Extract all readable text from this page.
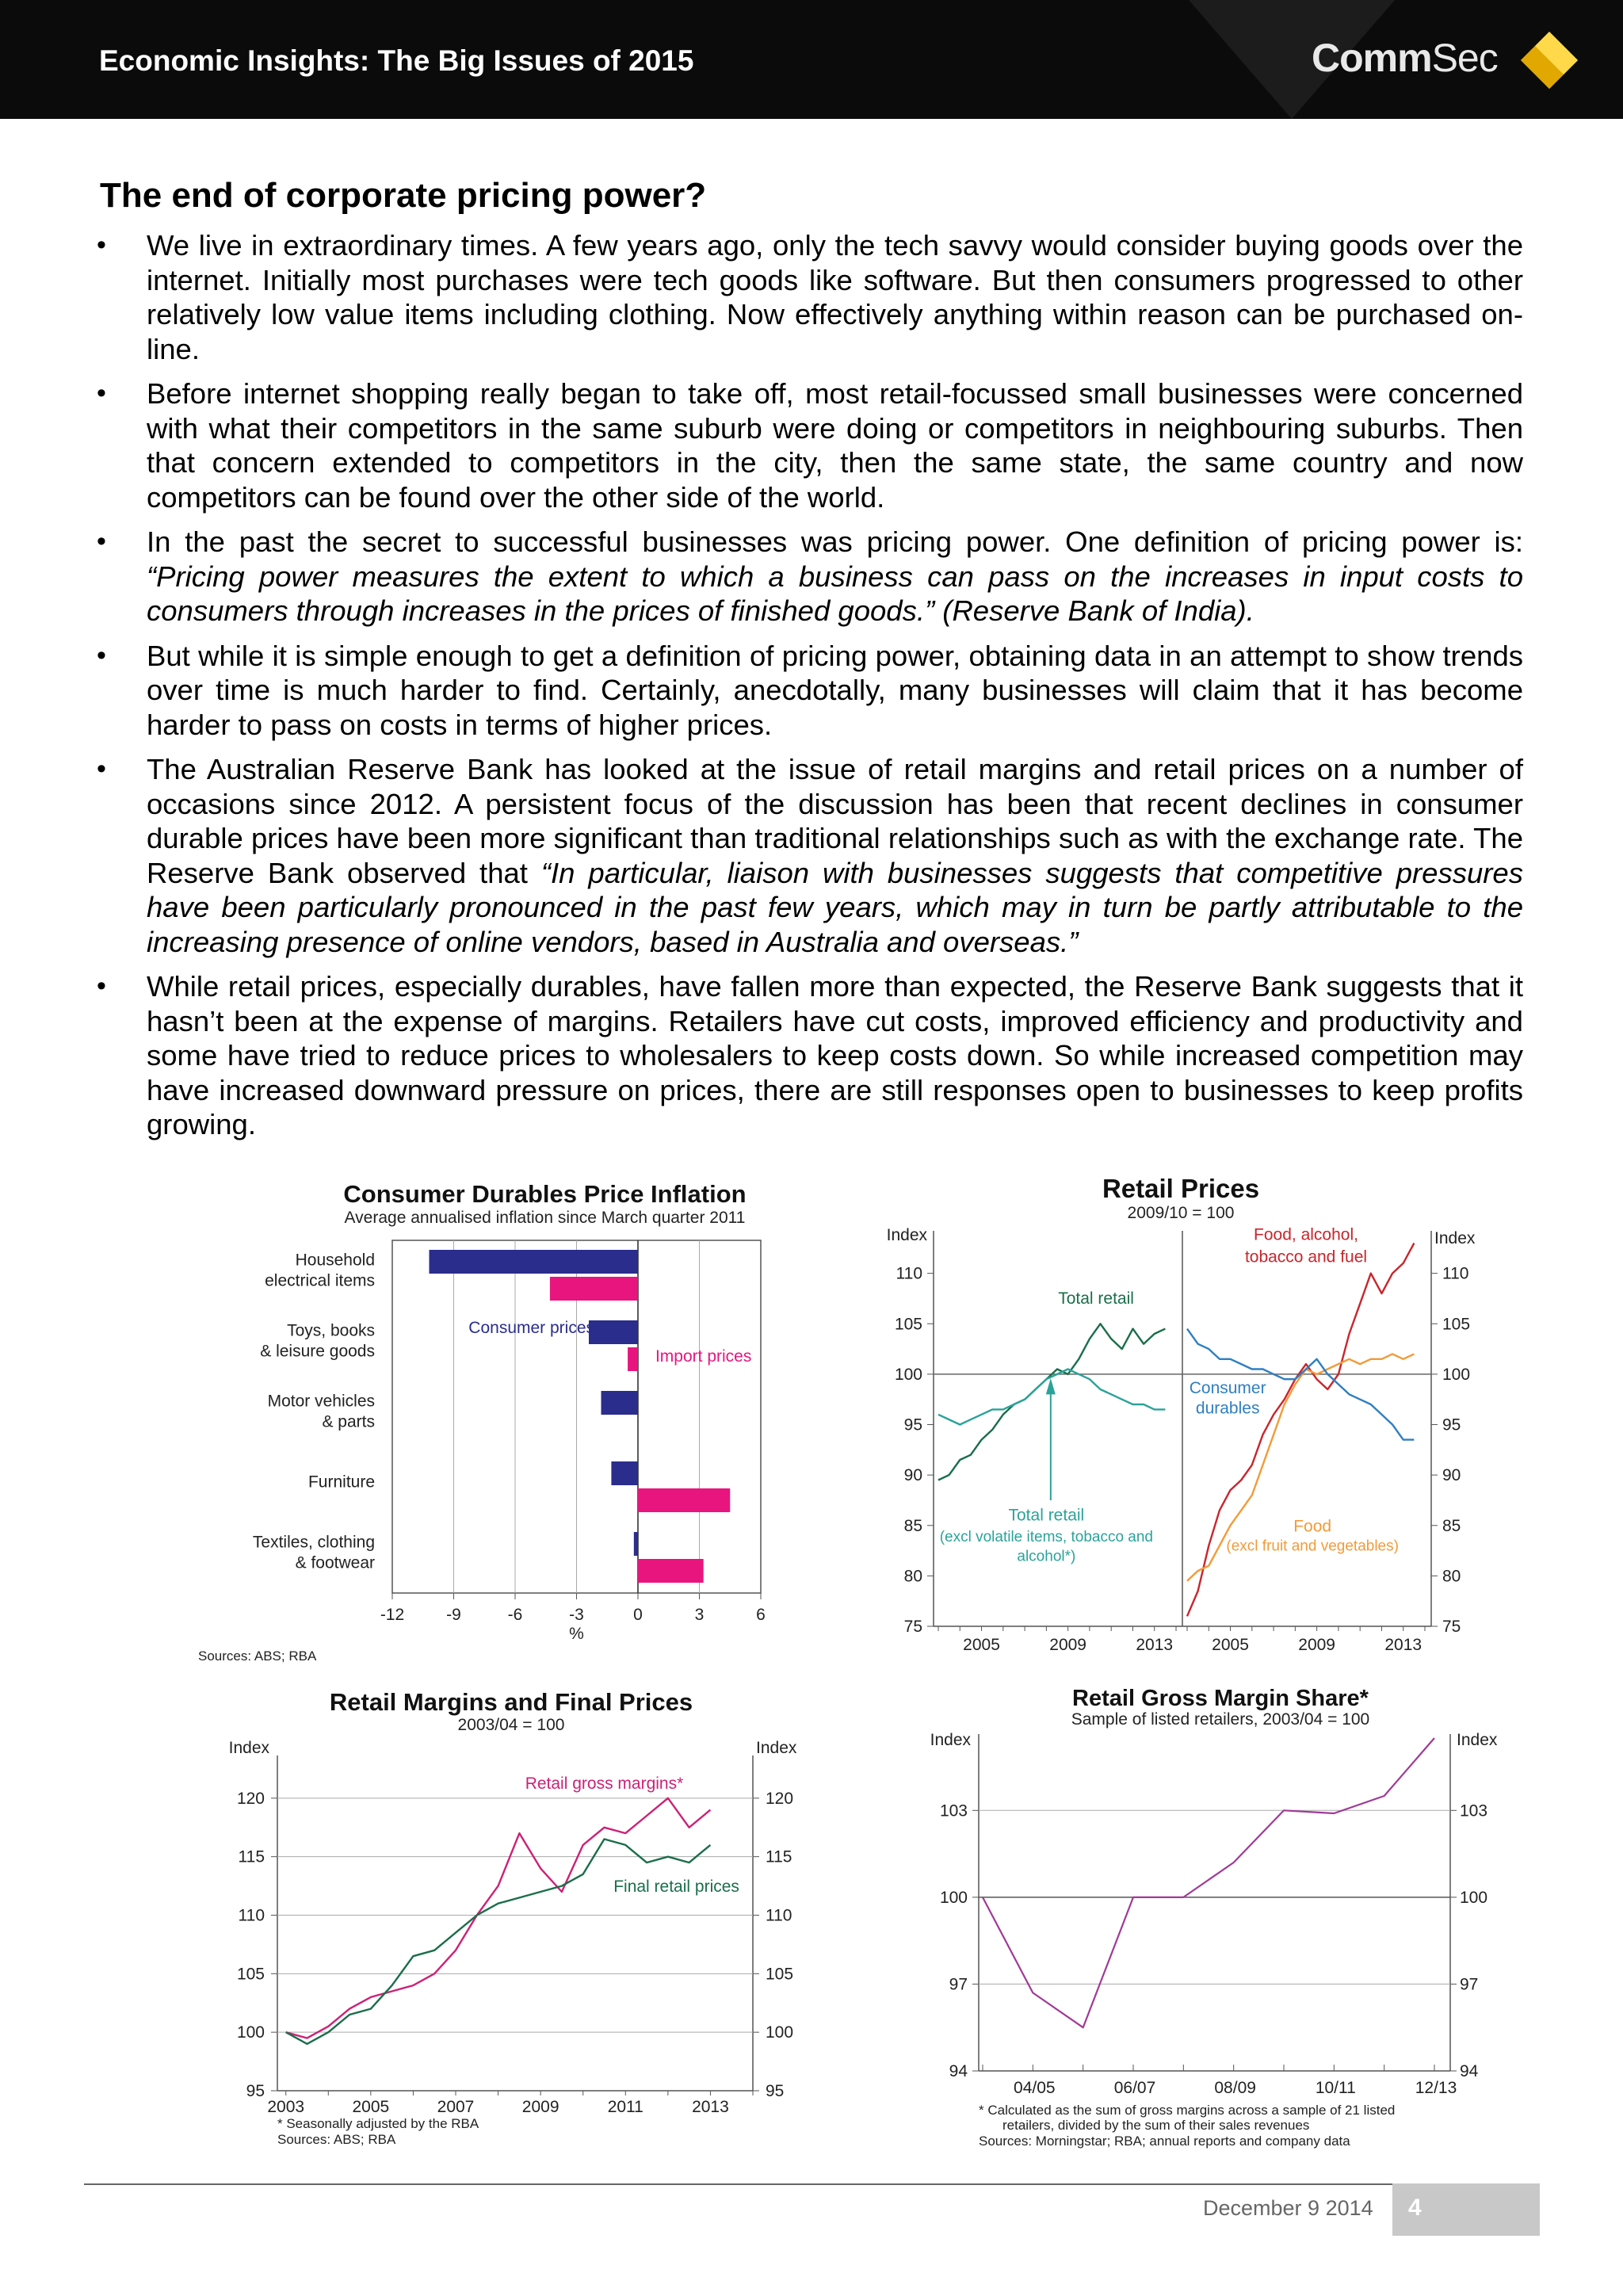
Economic Insights: The Big Issues of 2015	CommSec
The end of corporate pricing power?
• We live in extraordinary times. A few years ago, only the tech savvy would consider buying goods over the internet. Initially most purchases were tech goods like software. But then consumers progressed to other relatively low value items including clothing. Now effectively anything within reason can be purchased on-line.
• Before internet shopping really began to take off, most retail-focussed small businesses were concerned with what their competitors in the same suburb were doing or competitors in neighbouring suburbs. Then that concern extended to competitors in the city, then the same state, the same country and now competitors can be found over the other side of the world.
• In the past the secret to successful businesses was pricing power. One definition of pricing power is: “Pricing power measures the extent to which a business can pass on the increases in input costs to consumers through increases in the prices of finished goods.” (Reserve Bank of India).
• But while it is simple enough to get a definition of pricing power, obtaining data in an attempt to show trends over time is much harder to find. Certainly, anecdotally, many businesses will claim that it has become harder to pass on costs in terms of higher prices.
• The Australian Reserve Bank has looked at the issue of retail margins and retail prices on a number of occasions since 2012. A persistent focus of the discussion has been that recent declines in consumer durable prices have been more significant than traditional relationships such as with the exchange rate. The Reserve Bank observed that “In particular, liaison with businesses suggests that competitive pressures have been particularly pronounced in the past few years, which may in turn be partly attributable to the increasing presence of online vendors, based in Australia and overseas.”
• While retail prices, especially durables, have fallen more than expected, the Reserve Bank suggests that it hasn’t been at the expense of margins. Retailers have cut costs, improved efficiency and productivity and some have tried to reduce prices to wholesalers to keep costs down. So while increased competition may have increased downward pressure on prices, there are still responses open to businesses to keep profits growing.
Consumer Durables Price Inflation
Average annualised inflation since March quarter 2011
-12	-9	-6	-3	0	3	6
%
Household
electrical items
Toys, books
& leisure goods
Motor vehicles
& parts
Furniture
Textiles, clothing
& footwear
Consumer prices
Import prices
Sources: ABS; RBA
Retail Prices
2009/10 = 100
Index	Index
75	75
80	80
85	85
90	90
95	95
100	100
105	105
110	110
2005	2009	2013 2005	2009	2013
Total retail
Total retail
(excl volatile items, tobacco and
alcohol*)
Food, alcohol,
tobacco and fuel
Consumer
durables
Food
(excl fruit and vegetables)
Retail Margins and Final Prices
2003/04 = 100
Index	Index
95	95
100	100
105	105
110	110
115	115
120	120
2003	2005	2007	2009	2011	2013
Retail gross margins*
Final retail prices
* Seasonally adjusted by the RBA
Sources: ABS; RBA
Retail Gross Margin Share*
Sample of listed retailers, 2003/04 = 100
Index	Index
94	94
97	97
100	100
103	103
04/05	06/07	08/09	10/11	12/13
* Calculated as the sum of gross margins across a sample of 21 listed
retailers, divided by the sum of their sales revenues
Sources: Morningstar; RBA; annual reports and company data
December 9 2014 4
